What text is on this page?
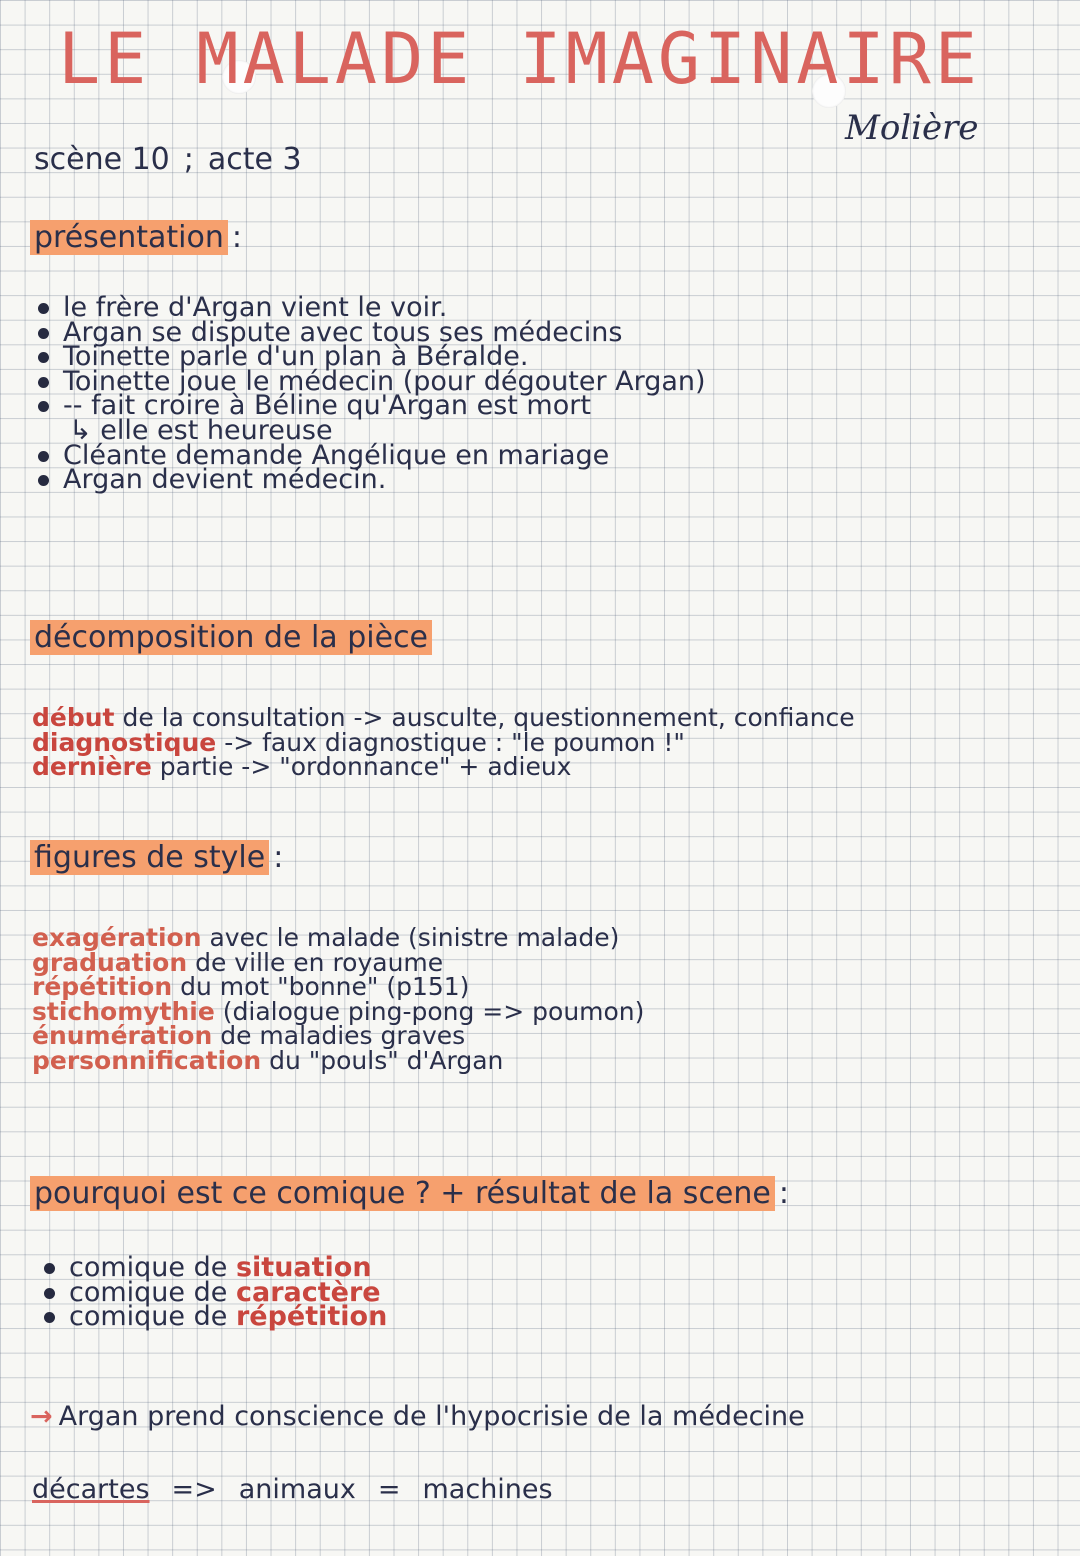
LE MALADE IMAGINAIRE
Molière
scène 10 ; acte 3
présentation :
le frère d'Argan vient le voir.
Argan se dispute avec tous ses médecins
Toinette parle d'un plan à Béralde.
Toinette joue le médecin (pour dégouter Argan)
-- fait croire à Béline qu'Argan est mort
↳ elle est heureuse
Cléante demande Angélique en mariage
Argan devient médecin.
décomposition de la pièce
début de la consultation -> ausculte, questionnement, confiance
diagnostique -> faux diagnostique : "le poumon !"
dernière partie -> "ordonnance" + adieux
figures de style :
exagération avec le malade (sinistre malade)
graduation de ville en royaume
répétition du mot "bonne" (p151)
stichomythie (dialogue ping-pong => poumon)
énumération de maladies graves
personnification du "pouls" d'Argan
pourquoi est ce comique ? + résultat de la scene :
comique de situation
comique de caractère
comique de répétition
→ Argan prend conscience de l'hypocrisie de la médecine
décartes => animaux = machines
